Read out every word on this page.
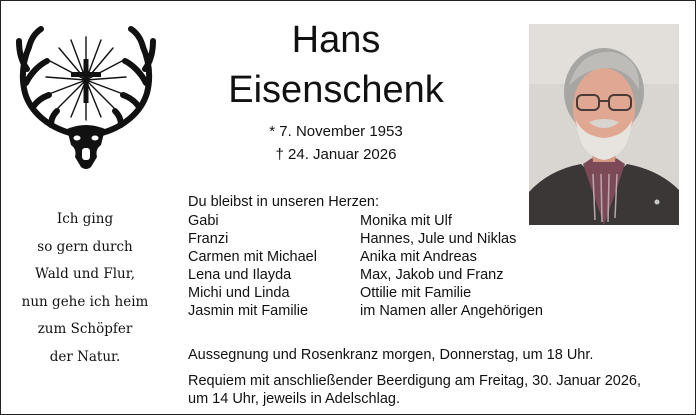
Hans
Eisenschenk
* 7. November 1953
† 24. Januar 2026
Ich ging
so gern durch
Wald und Flur,
nun gehe ich heim
zum Schöpfer
der Natur.
Du bleibst in unseren Herzen:
Gabi
Franzi
Carmen mit Michael
Lena und Ilayda
Michi und Linda
Jasmin mit Familie
Monika mit Ulf
Hannes, Jule und Niklas
Anika mit Andreas
Max, Jakob und Franz
Ottilie mit Familie
im Namen aller Angehörigen
Aussegnung und Rosenkranz morgen, Donnerstag, um 18 Uhr.
Requiem mit anschließender Beerdigung am Freitag, 30. Januar 2026,
um 14 Uhr, jeweils in Adelschlag.
